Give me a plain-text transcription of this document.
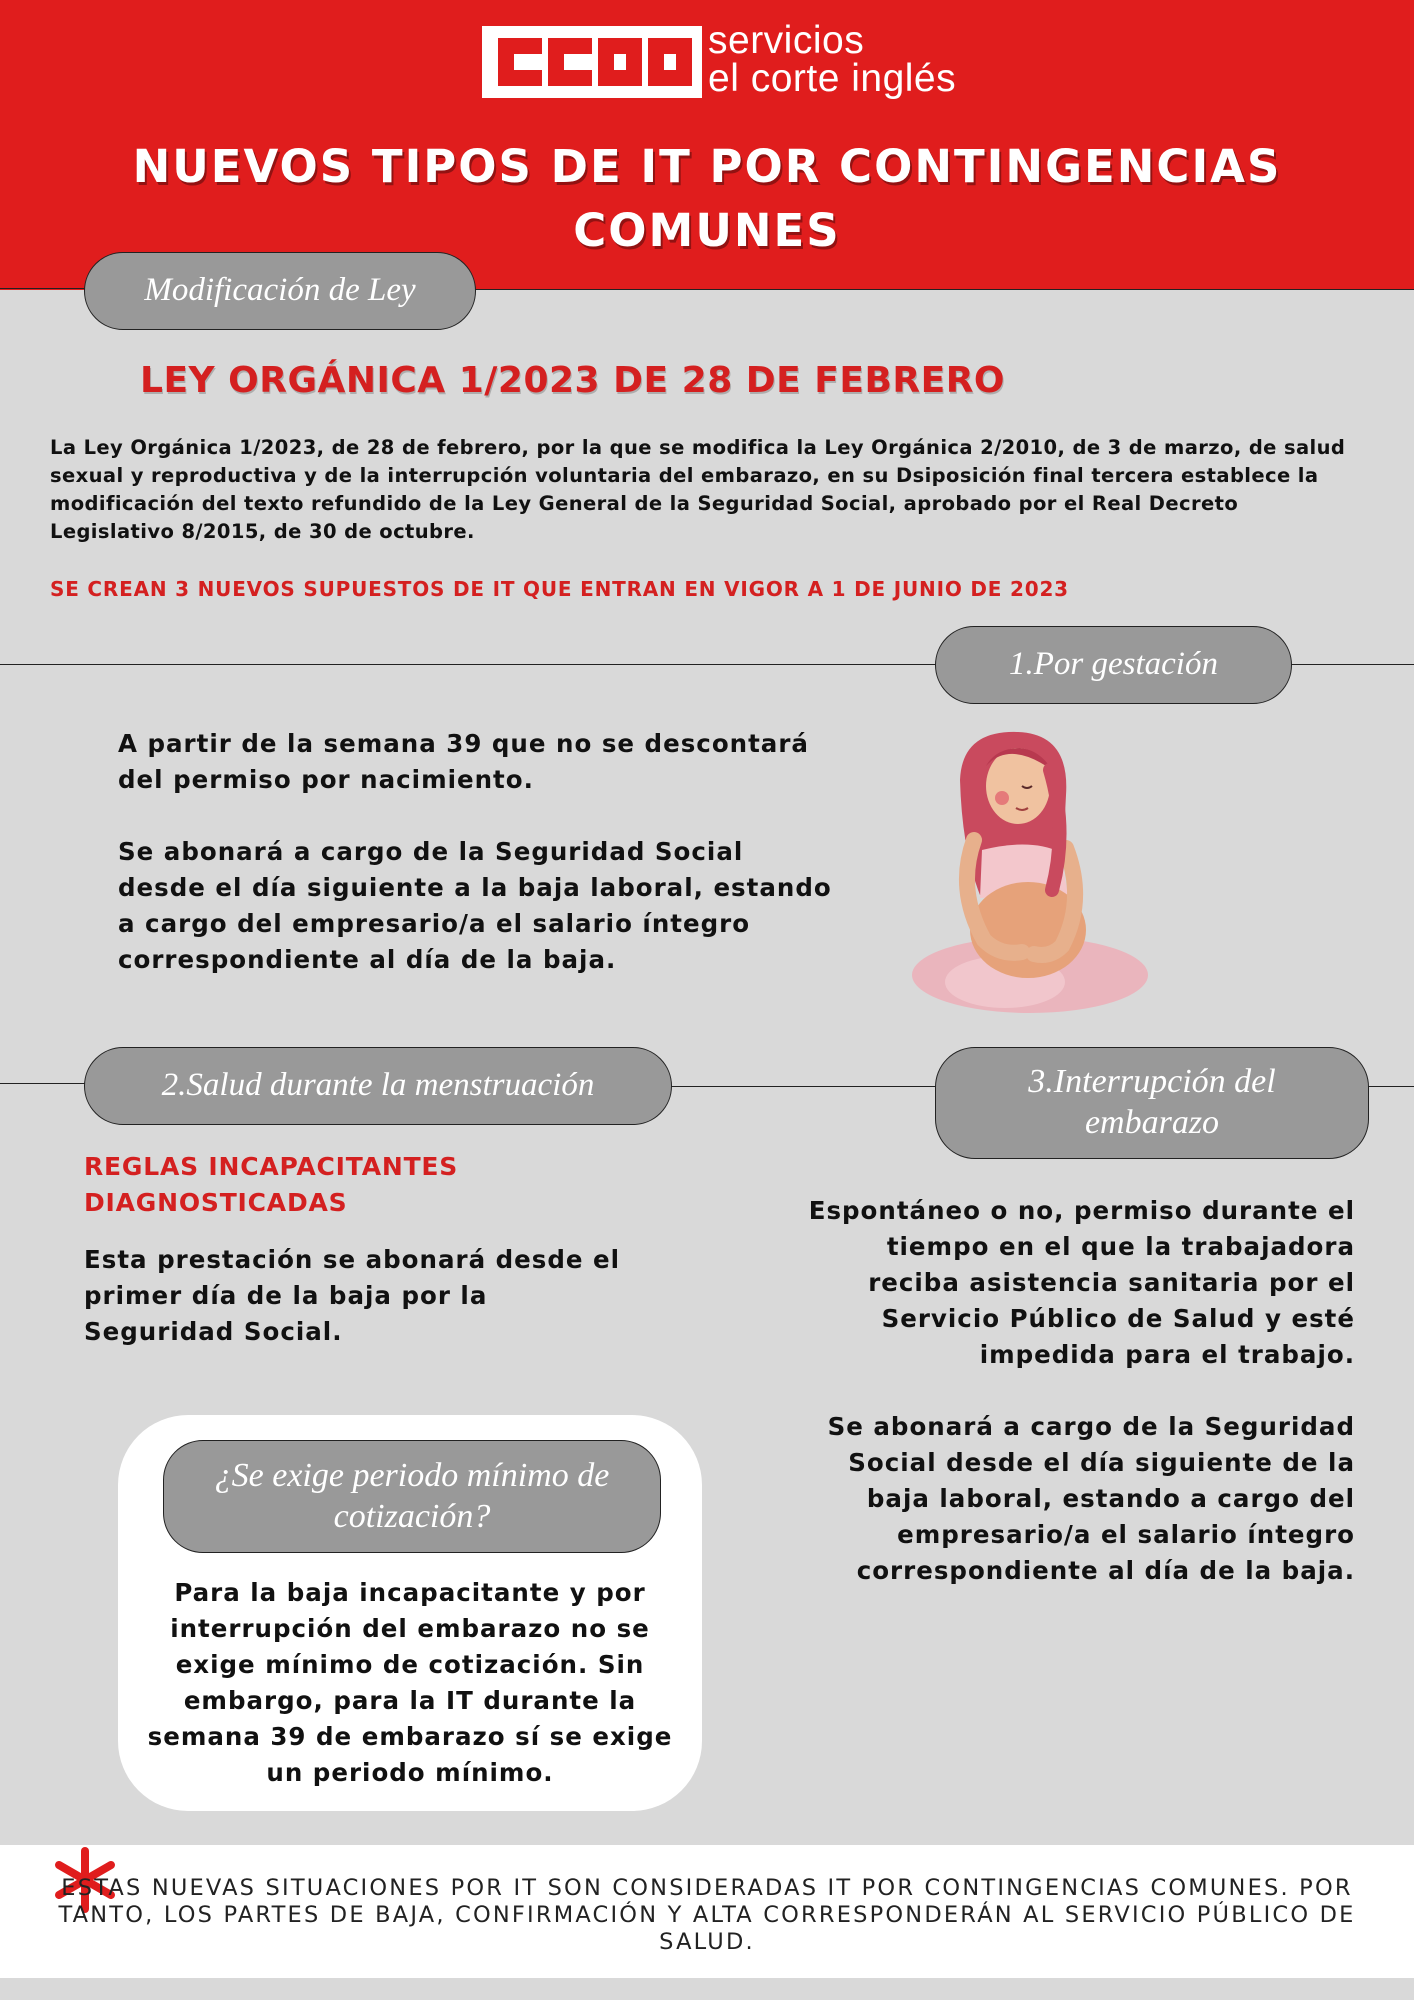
servicios
el corte inglés
NUEVOS TIPOS DE IT POR CONTINGENCIAS COMUNES
Modificación de Ley
LEY ORGÁNICA 1/2023 DE 28 DE FEBRERO
La Ley Orgánica 1/2023, de 28 de febrero, por la que se modifica la Ley Orgánica 2/2010, de 3 de marzo, de salud sexual y reproductiva y de la interrupción voluntaria del embarazo, en su Dsiposición final tercera establece la modificación del texto refundido de la Ley General de la Seguridad Social, aprobado por el Real Decreto Legislativo 8/2015, de 30 de octubre.
SE CREAN 3 NUEVOS SUPUESTOS DE IT QUE ENTRAN EN VIGOR A 1 DE JUNIO DE 2023
1.Por gestación
A partir de la semana 39 que no se descontará del permiso por nacimiento.
Se abonará a cargo de la Seguridad Social desde el día siguiente a la baja laboral, estando a cargo del empresario/a el salario íntegro correspondiente al día de la baja.
2.Salud durante la menstruación	3.Interrupción del embarazo
REGLAS INCAPACITANTES DIAGNOSTICADAS
Esta prestación se abonará desde el primer día de la baja por la Seguridad Social.
Espontáneo o no, permiso durante el tiempo en el que la trabajadora reciba asistencia sanitaria por el Servicio Público de Salud y esté impedida para el trabajo.
Se abonará a cargo de la Seguridad Social desde el día siguiente de la baja laboral, estando a cargo del empresario/a el salario íntegro correspondiente al día de la baja.
¿Se exige periodo mínimo de cotización?
Para la baja incapacitante y por interrupción del embarazo no se exige mínimo de cotización. Sin embargo, para la IT durante la semana 39 de embarazo sí se exige un periodo mínimo.
ESTAS NUEVAS SITUACIONES POR IT SON CONSIDERADAS IT POR CONTINGENCIAS COMUNES. POR TANTO, LOS PARTES DE BAJA, CONFIRMACIÓN Y ALTA CORRESPONDERÁN AL SERVICIO PÚBLICO DE SALUD.
